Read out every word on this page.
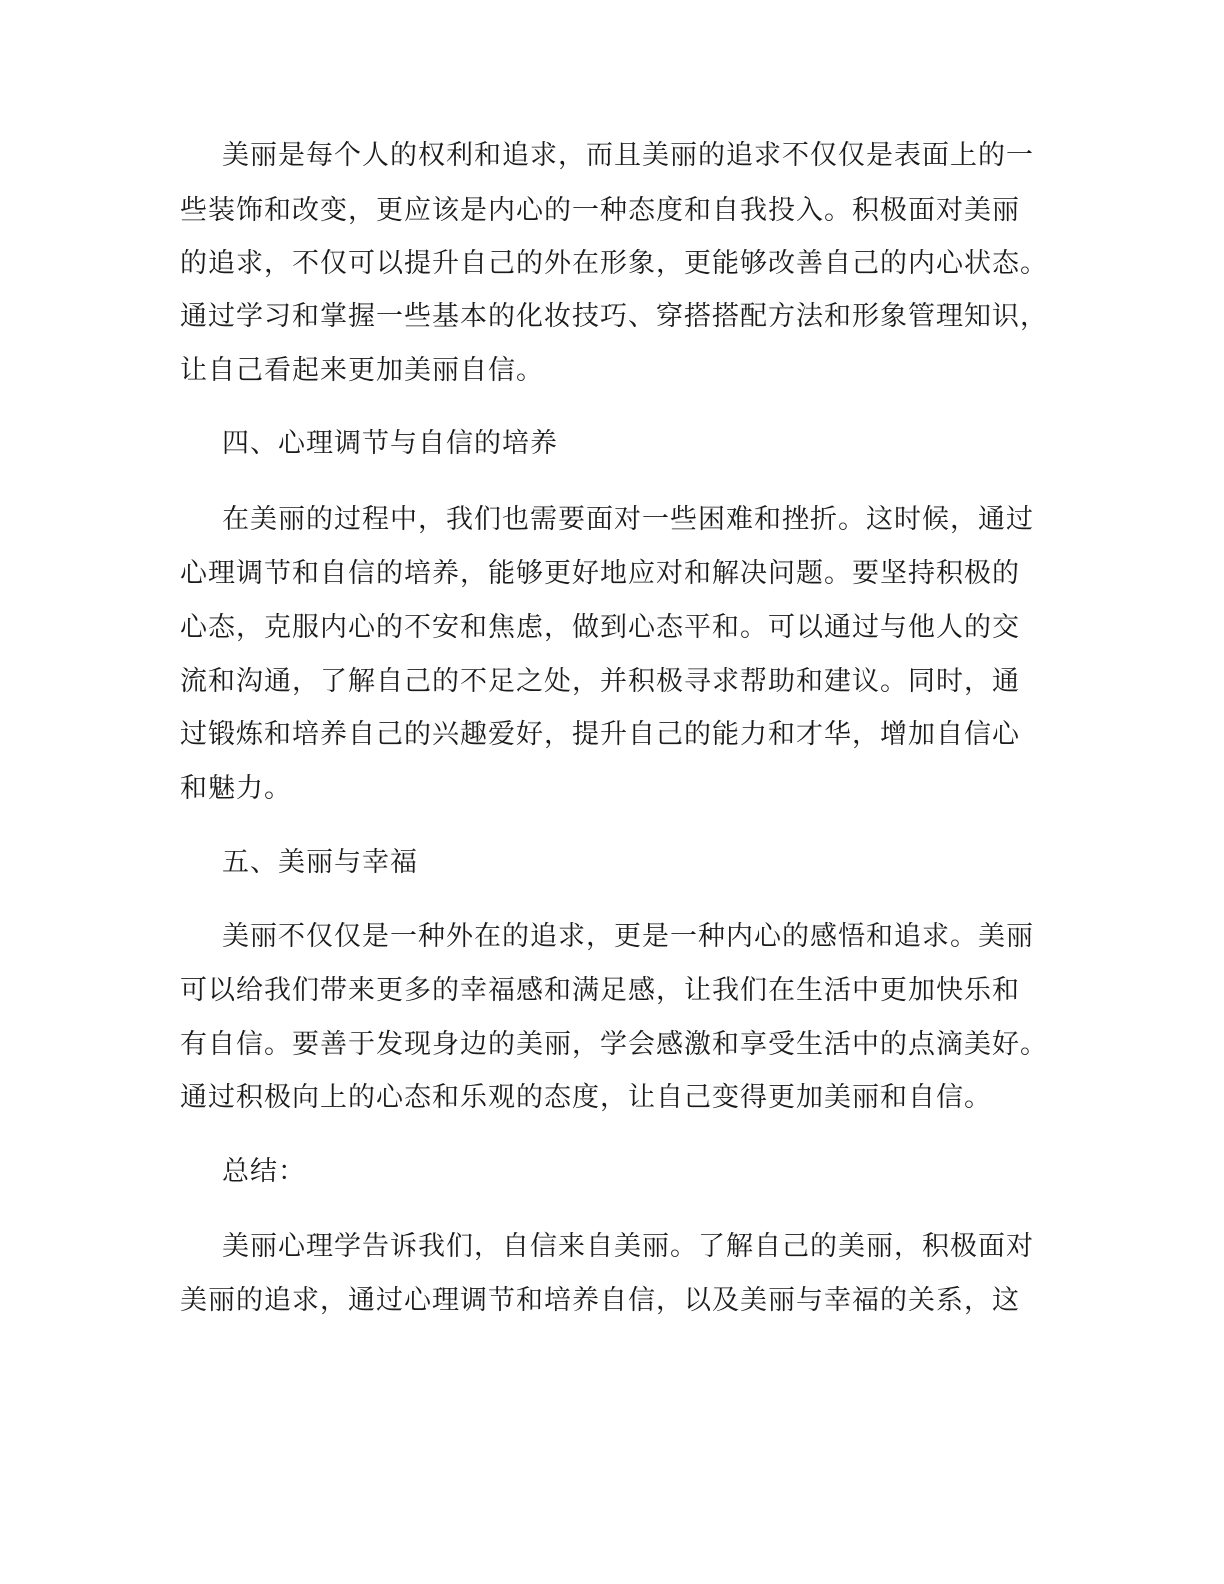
美丽是每个人的权利和追求，而且美丽的追求不仅仅是表面上的一
些装饰和改变，更应该是内心的一种态度和自我投入。积极面对美丽
的追求，不仅可以提升自己的外在形象，更能够改善自己的内心状态。
通过学习和掌握一些基本的化妆技巧、穿搭搭配方法和形象管理知识，
让自己看起来更加美丽自信。
四、心理调节与自信的培养
在美丽的过程中，我们也需要面对一些困难和挫折。这时候，通过
心理调节和自信的培养，能够更好地应对和解决问题。要坚持积极的
心态，克服内心的不安和焦虑，做到心态平和。可以通过与他人的交
流和沟通，了解自己的不足之处，并积极寻求帮助和建议。同时，通
过锻炼和培养自己的兴趣爱好，提升自己的能力和才华，增加自信心
和魅力。
五、美丽与幸福
美丽不仅仅是一种外在的追求，更是一种内心的感悟和追求。美丽
可以给我们带来更多的幸福感和满足感，让我们在生活中更加快乐和
有自信。要善于发现身边的美丽，学会感激和享受生活中的点滴美好。
通过积极向上的心态和乐观的态度，让自己变得更加美丽和自信。
总结：
美丽心理学告诉我们，自信来自美丽。了解自己的美丽，积极面对
美丽的追求，通过心理调节和培养自信，以及美丽与幸福的关系，这
